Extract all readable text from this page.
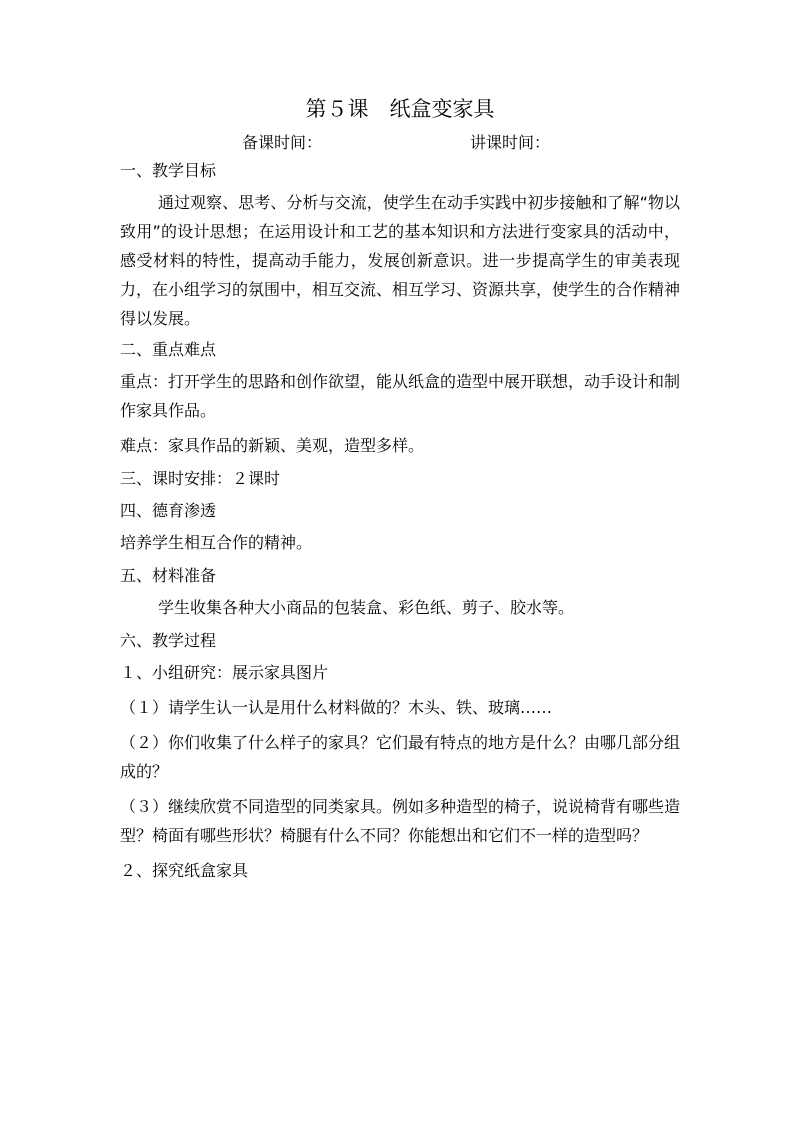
第５课　纸盒变家具
备课时间：	讲课时间：

一、教学目标

通过观察、思考、分析与交流，使学生在动手实践中初步接触和了解“物以致用”的设计思想；在运用设计和工艺的基本知识和方法进行变家具的活动中，感受材料的特性，提高动手能力，发展创新意识。进一步提高学生的审美表现力，在小组学习的氛围中，相互交流、相互学习、资源共享，使学生的合作精神得以发展。

二、重点难点

重点：打开学生的思路和创作欲望，能从纸盒的造型中展开联想，动手设计和制作家具作品。

难点：家具作品的新颖、美观，造型多样。

三、课时安排：２课时

四、德育渗透

培养学生相互合作的精神。

五、材料准备

学生收集各种大小商品的包装盒、彩色纸、剪子、胶水等。

六、教学过程

１、小组研究：展示家具图片

（１）请学生认一认是用什么材料做的？木头、铁、玻璃……

（２）你们收集了什么样子的家具？它们最有特点的地方是什么？由哪几部分组成的？

（３）继续欣赏不同造型的同类家具。例如多种造型的椅子，说说椅背有哪些造型？椅面有哪些形状？椅腿有什么不同？你能想出和它们不一样的造型吗？

２、探究纸盒家具
